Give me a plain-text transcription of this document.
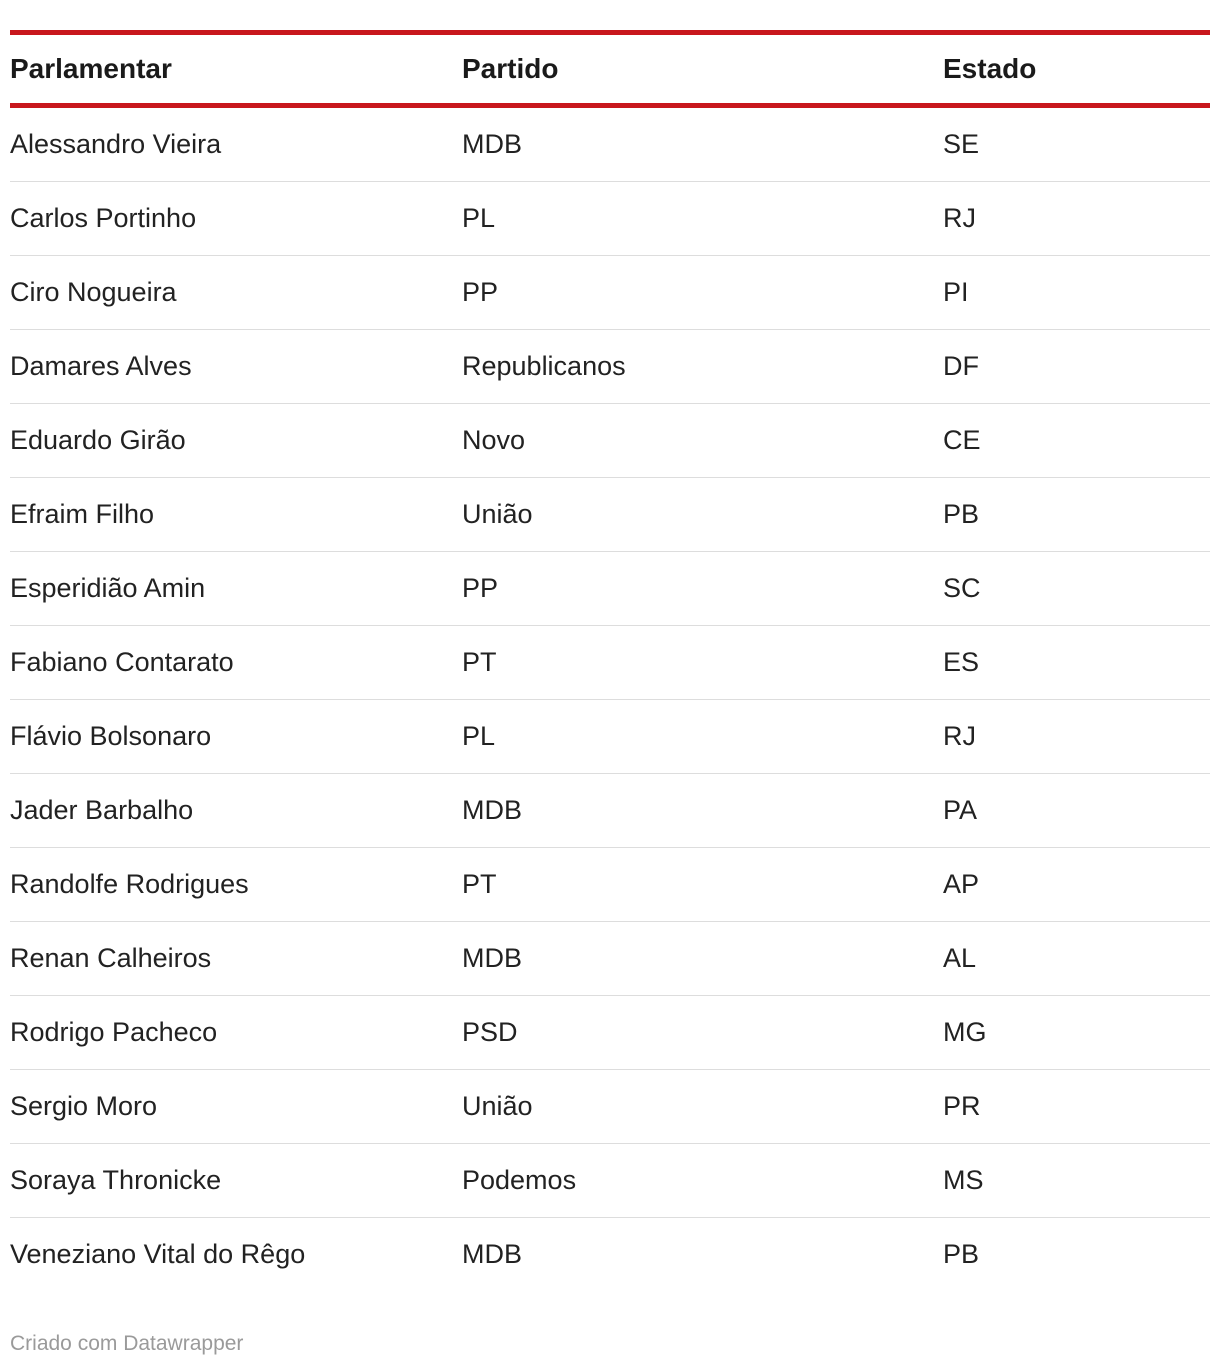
Parlamentar	Partido	Estado
Alessandro Vieira	MDB	SE
Carlos Portinho	PL	RJ
Ciro Nogueira	PP	PI
Damares Alves	Republicanos	DF
Eduardo Girão	Novo	CE
Efraim Filho	União	PB
Esperidião Amin	PP	SC
Fabiano Contarato	PT	ES
Flávio Bolsonaro	PL	RJ
Jader Barbalho	MDB	PA
Randolfe Rodrigues	PT	AP
Renan Calheiros	MDB	AL
Rodrigo Pacheco	PSD	MG
Sergio Moro	União	PR
Soraya Thronicke	Podemos	MS
Veneziano Vital do Rêgo	MDB	PB
Criado com Datawrapper
